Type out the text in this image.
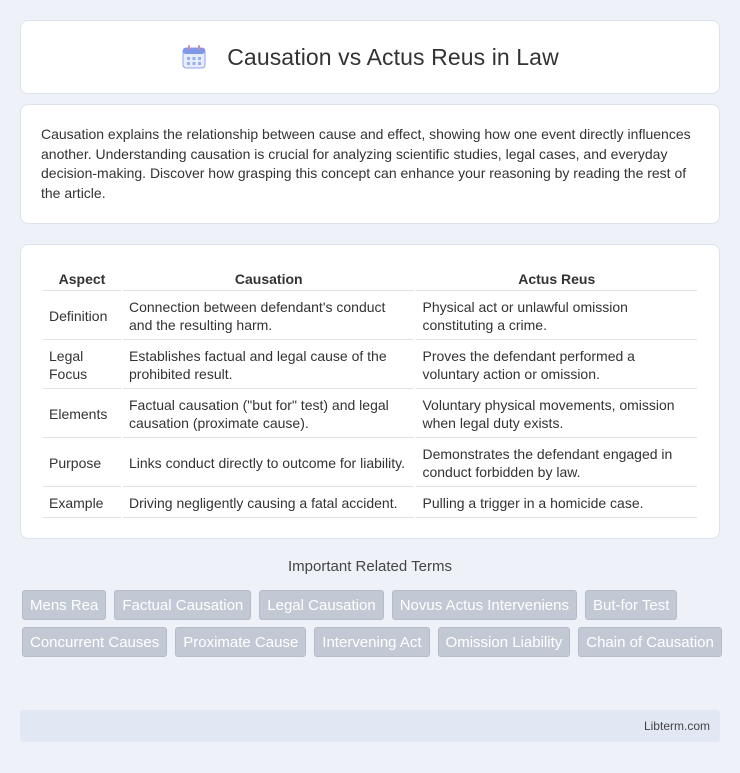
Causation vs Actus Reus in Law

Causation explains the relationship between cause and effect, showing how one event directly influences another. Understanding causation is crucial for analyzing scientific studies, legal cases, and everyday decision-making. Discover how grasping this concept can enhance your reasoning by reading the rest of the article.

Aspect	Causation	Actus Reus
Definition	Connection between defendant's conduct and the resulting harm.	Physical act or unlawful omission constituting a crime.
Legal Focus	Establishes factual and legal cause of the prohibited result.	Proves the defendant performed a voluntary action or omission.
Elements	Factual causation ("but for" test) and legal causation (proximate cause).	Voluntary physical movements, omission when legal duty exists.
Purpose	Links conduct directly to outcome for liability.	Demonstrates the defendant engaged in conduct forbidden by law.
Example	Driving negligently causing a fatal accident.	Pulling a trigger in a homicide case.
Important Related Terms
Mens Rea	Factual Causation	Legal Causation	Novus Actus Interveniens	But-for Test
Concurrent Causes	Proximate Cause	Intervening Act	Omission Liability	Chain of Causation
Libterm.com
